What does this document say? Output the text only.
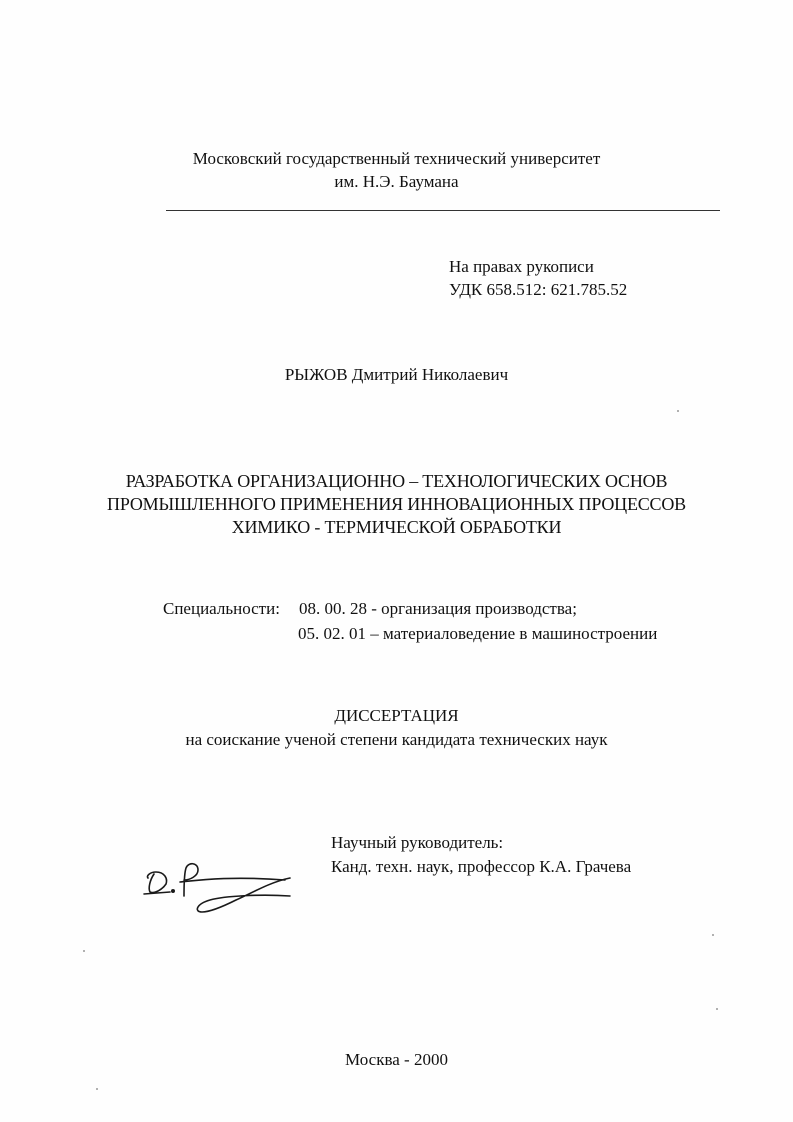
Московский государственный технический университет
им. Н.Э. Баумана
На правах рукописи
УДК 658.512: 621.785.52
РЫЖОВ Дмитрий Николаевич
РАЗРАБОТКА ОРГАНИЗАЦИОННО – ТЕХНОЛОГИЧЕСКИХ ОСНОВ
ПРОМЫШЛЕННОГО ПРИМЕНЕНИЯ ИННОВАЦИОННЫХ ПРОЦЕССОВ
ХИМИКО - ТЕРМИЧЕСКОЙ ОБРАБОТКИ
Специальности: 08. 00. 28 - организация производства;
05. 02. 01 – материаловедение в машиностроении
ДИССЕРТАЦИЯ
на соискание ученой степени кандидата технических наук
Научный руководитель:
Канд. техн. наук, профессор К.А. Грачева
Москва - 2000
